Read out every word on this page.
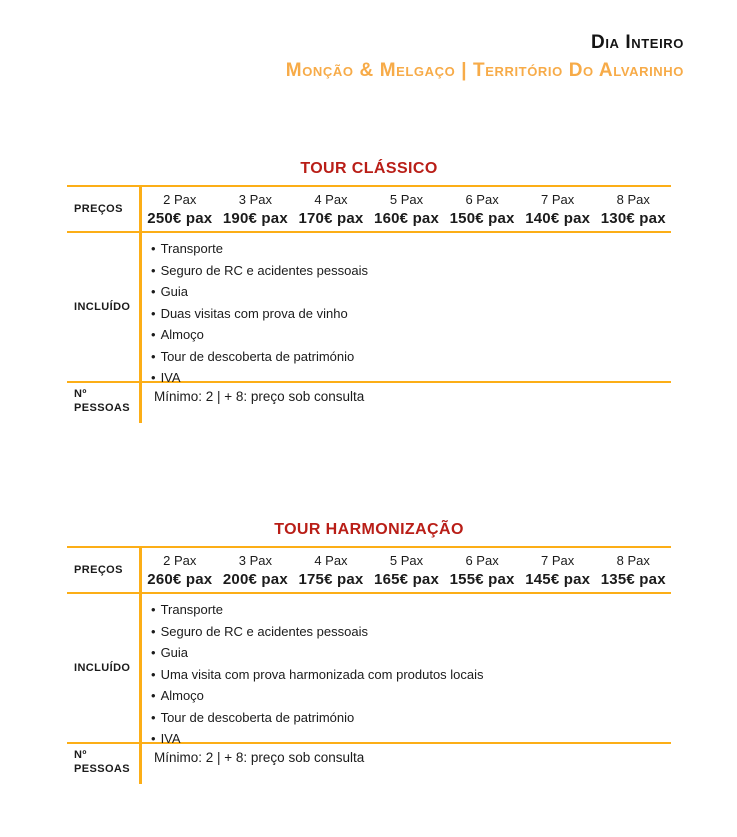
Dia Inteiro
Monção & Melgaço | Território Do Alvarinho
TOUR CLÁSSICO
PREÇOS
2 Pax
250€ pax
3 Pax
190€ pax
4 Pax
170€ pax
5 Pax
160€ pax
6 Pax
150€ pax
7 Pax
140€ pax
8 Pax
130€ pax
INCLUÍDO
• Transporte
• Seguro de RC e acidentes pessoais
• Guia
• Duas visitas com prova de vinho
• Almoço
• Tour de descoberta de património
• IVA
Nº PESSOAS
Mínimo: 2 | + 8: preço sob consulta
TOUR HARMONIZAÇÃO
PREÇOS
2 Pax
260€ pax
3 Pax
200€ pax
4 Pax
175€ pax
5 Pax
165€ pax
6 Pax
155€ pax
7 Pax
145€ pax
8 Pax
135€ pax
INCLUÍDO
• Transporte
• Seguro de RC e acidentes pessoais
• Guia
• Uma visita com prova harmonizada com produtos locais
• Almoço
• Tour de descoberta de património
• IVA
Nº PESSOAS
Mínimo: 2 | + 8: preço sob consulta
